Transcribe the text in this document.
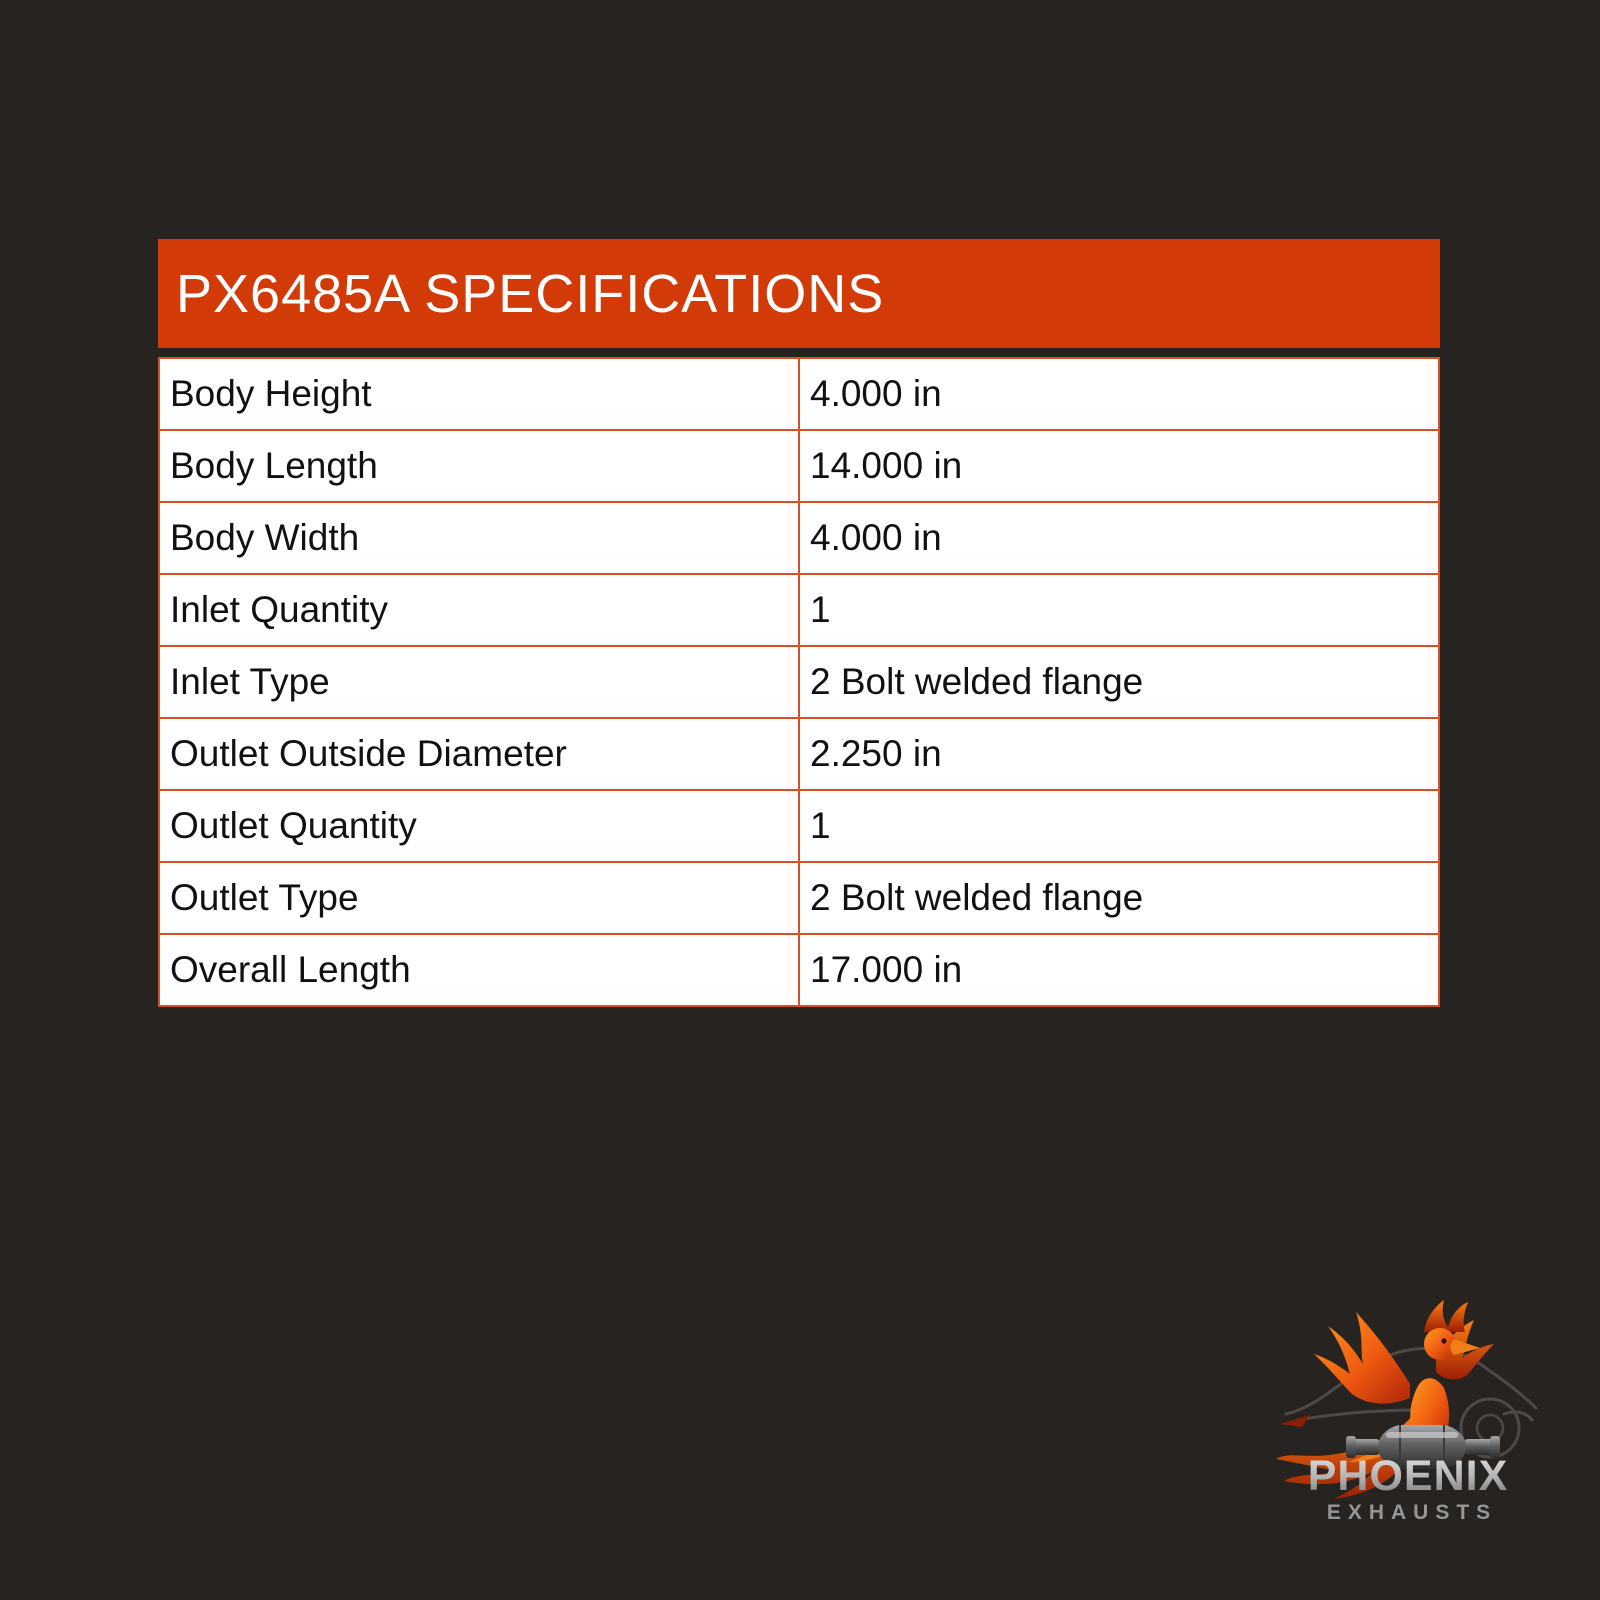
PX6485A SPECIFICATIONS
Body Height	4.000 in
Body Length	14.000 in
Body Width	4.000 in
Inlet Quantity	1
Inlet Type	2 Bolt welded flange
Outlet Outside Diameter	2.250 in
Outlet Quantity	1
Outlet Type	2 Bolt welded flange
Overall Length	17.000 in
PHOENIX
EXHAUSTS
